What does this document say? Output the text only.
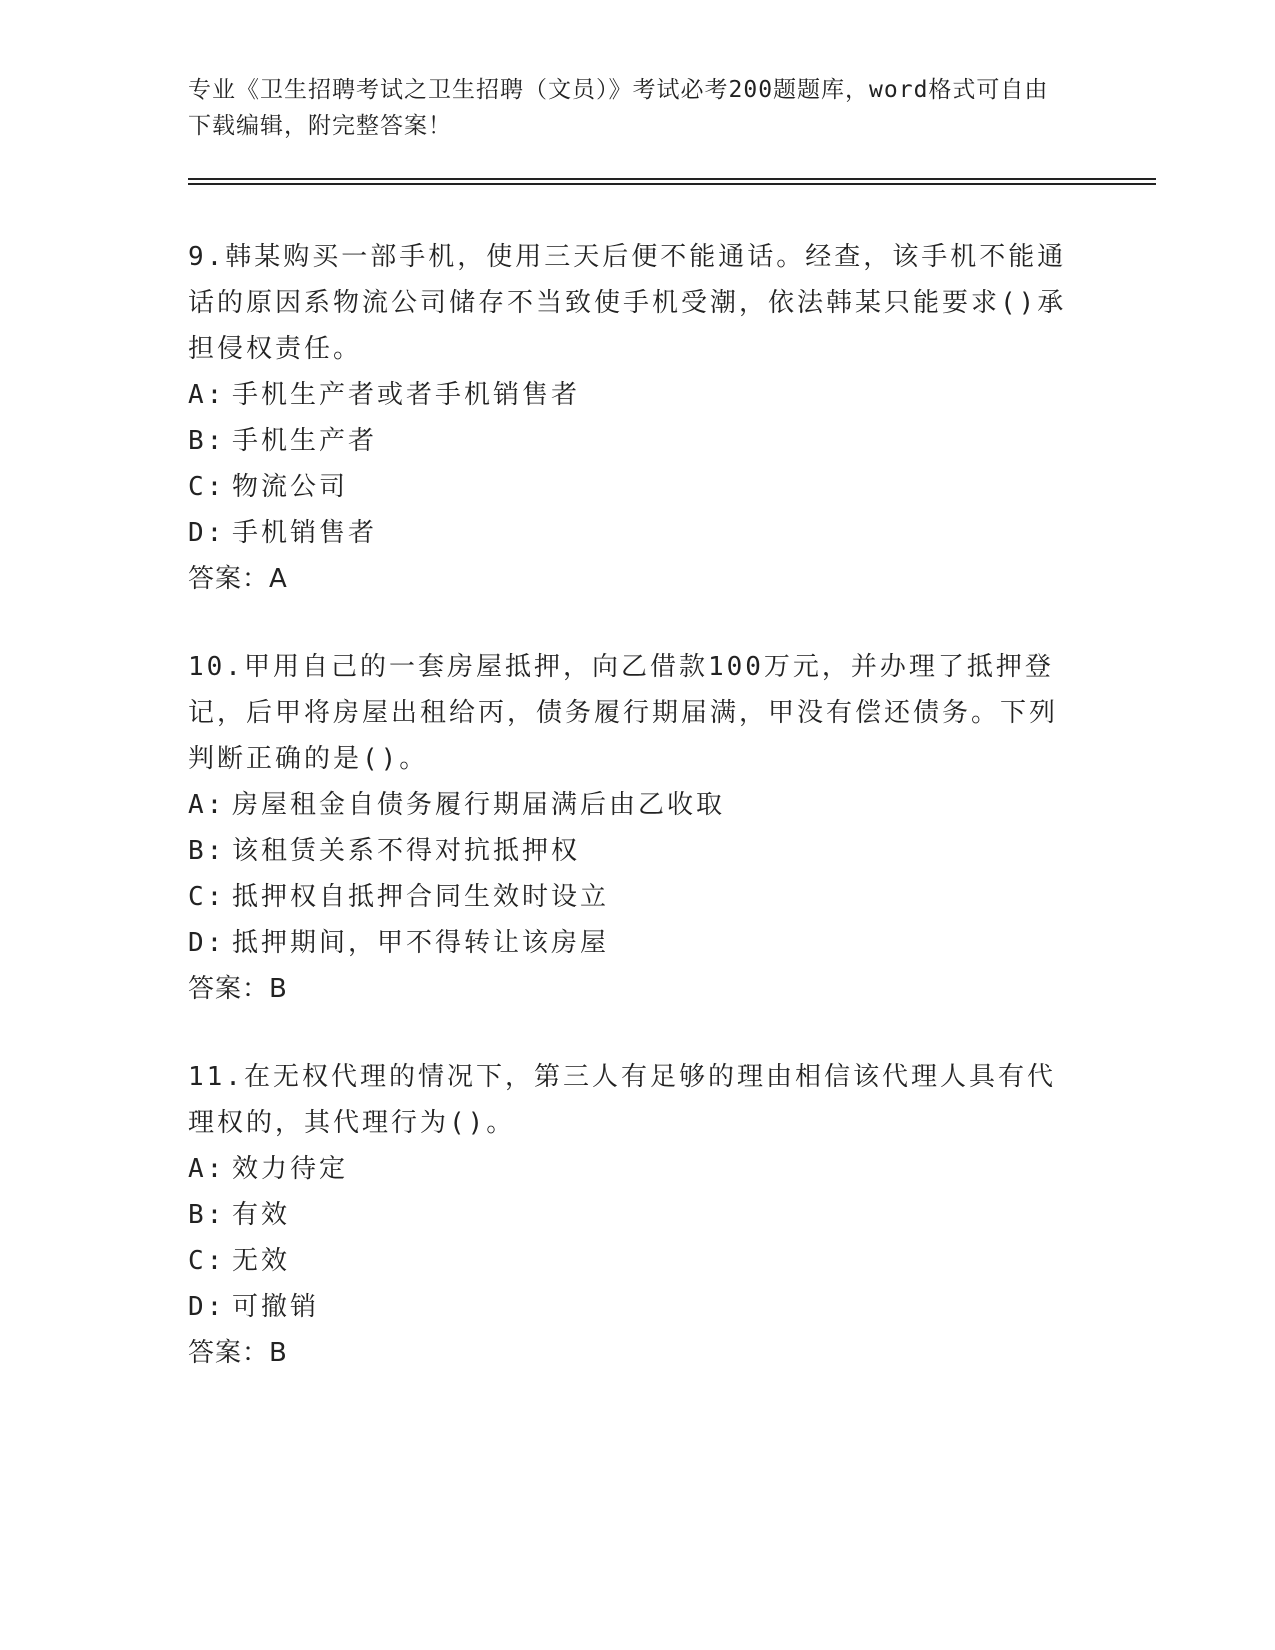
专业《卫生招聘考试之卫生招聘（文员）》考试必考200题题库，word格式可自由下载编辑，附完整答案！
9.韩某购买一部手机，使用三天后便不能通话。经查，该手机不能通话的原因系物流公司储存不当致使手机受潮，依法韩某只能要求()承担侵权责任。
A: 手机生产者或者手机销售者
B: 手机生产者
C: 物流公司
D: 手机销售者
答案：A
10.甲用自己的一套房屋抵押，向乙借款100万元，并办理了抵押登记，后甲将房屋出租给丙，债务履行期届满，甲没有偿还债务。下列判断正确的是()。
A: 房屋租金自债务履行期届满后由乙收取
B: 该租赁关系不得对抗抵押权
C: 抵押权自抵押合同生效时设立
D: 抵押期间，甲不得转让该房屋
答案：B
11.在无权代理的情况下，第三人有足够的理由相信该代理人具有代理权的，其代理行为()。
A: 效力待定
B: 有效
C: 无效
D: 可撤销
答案：B
